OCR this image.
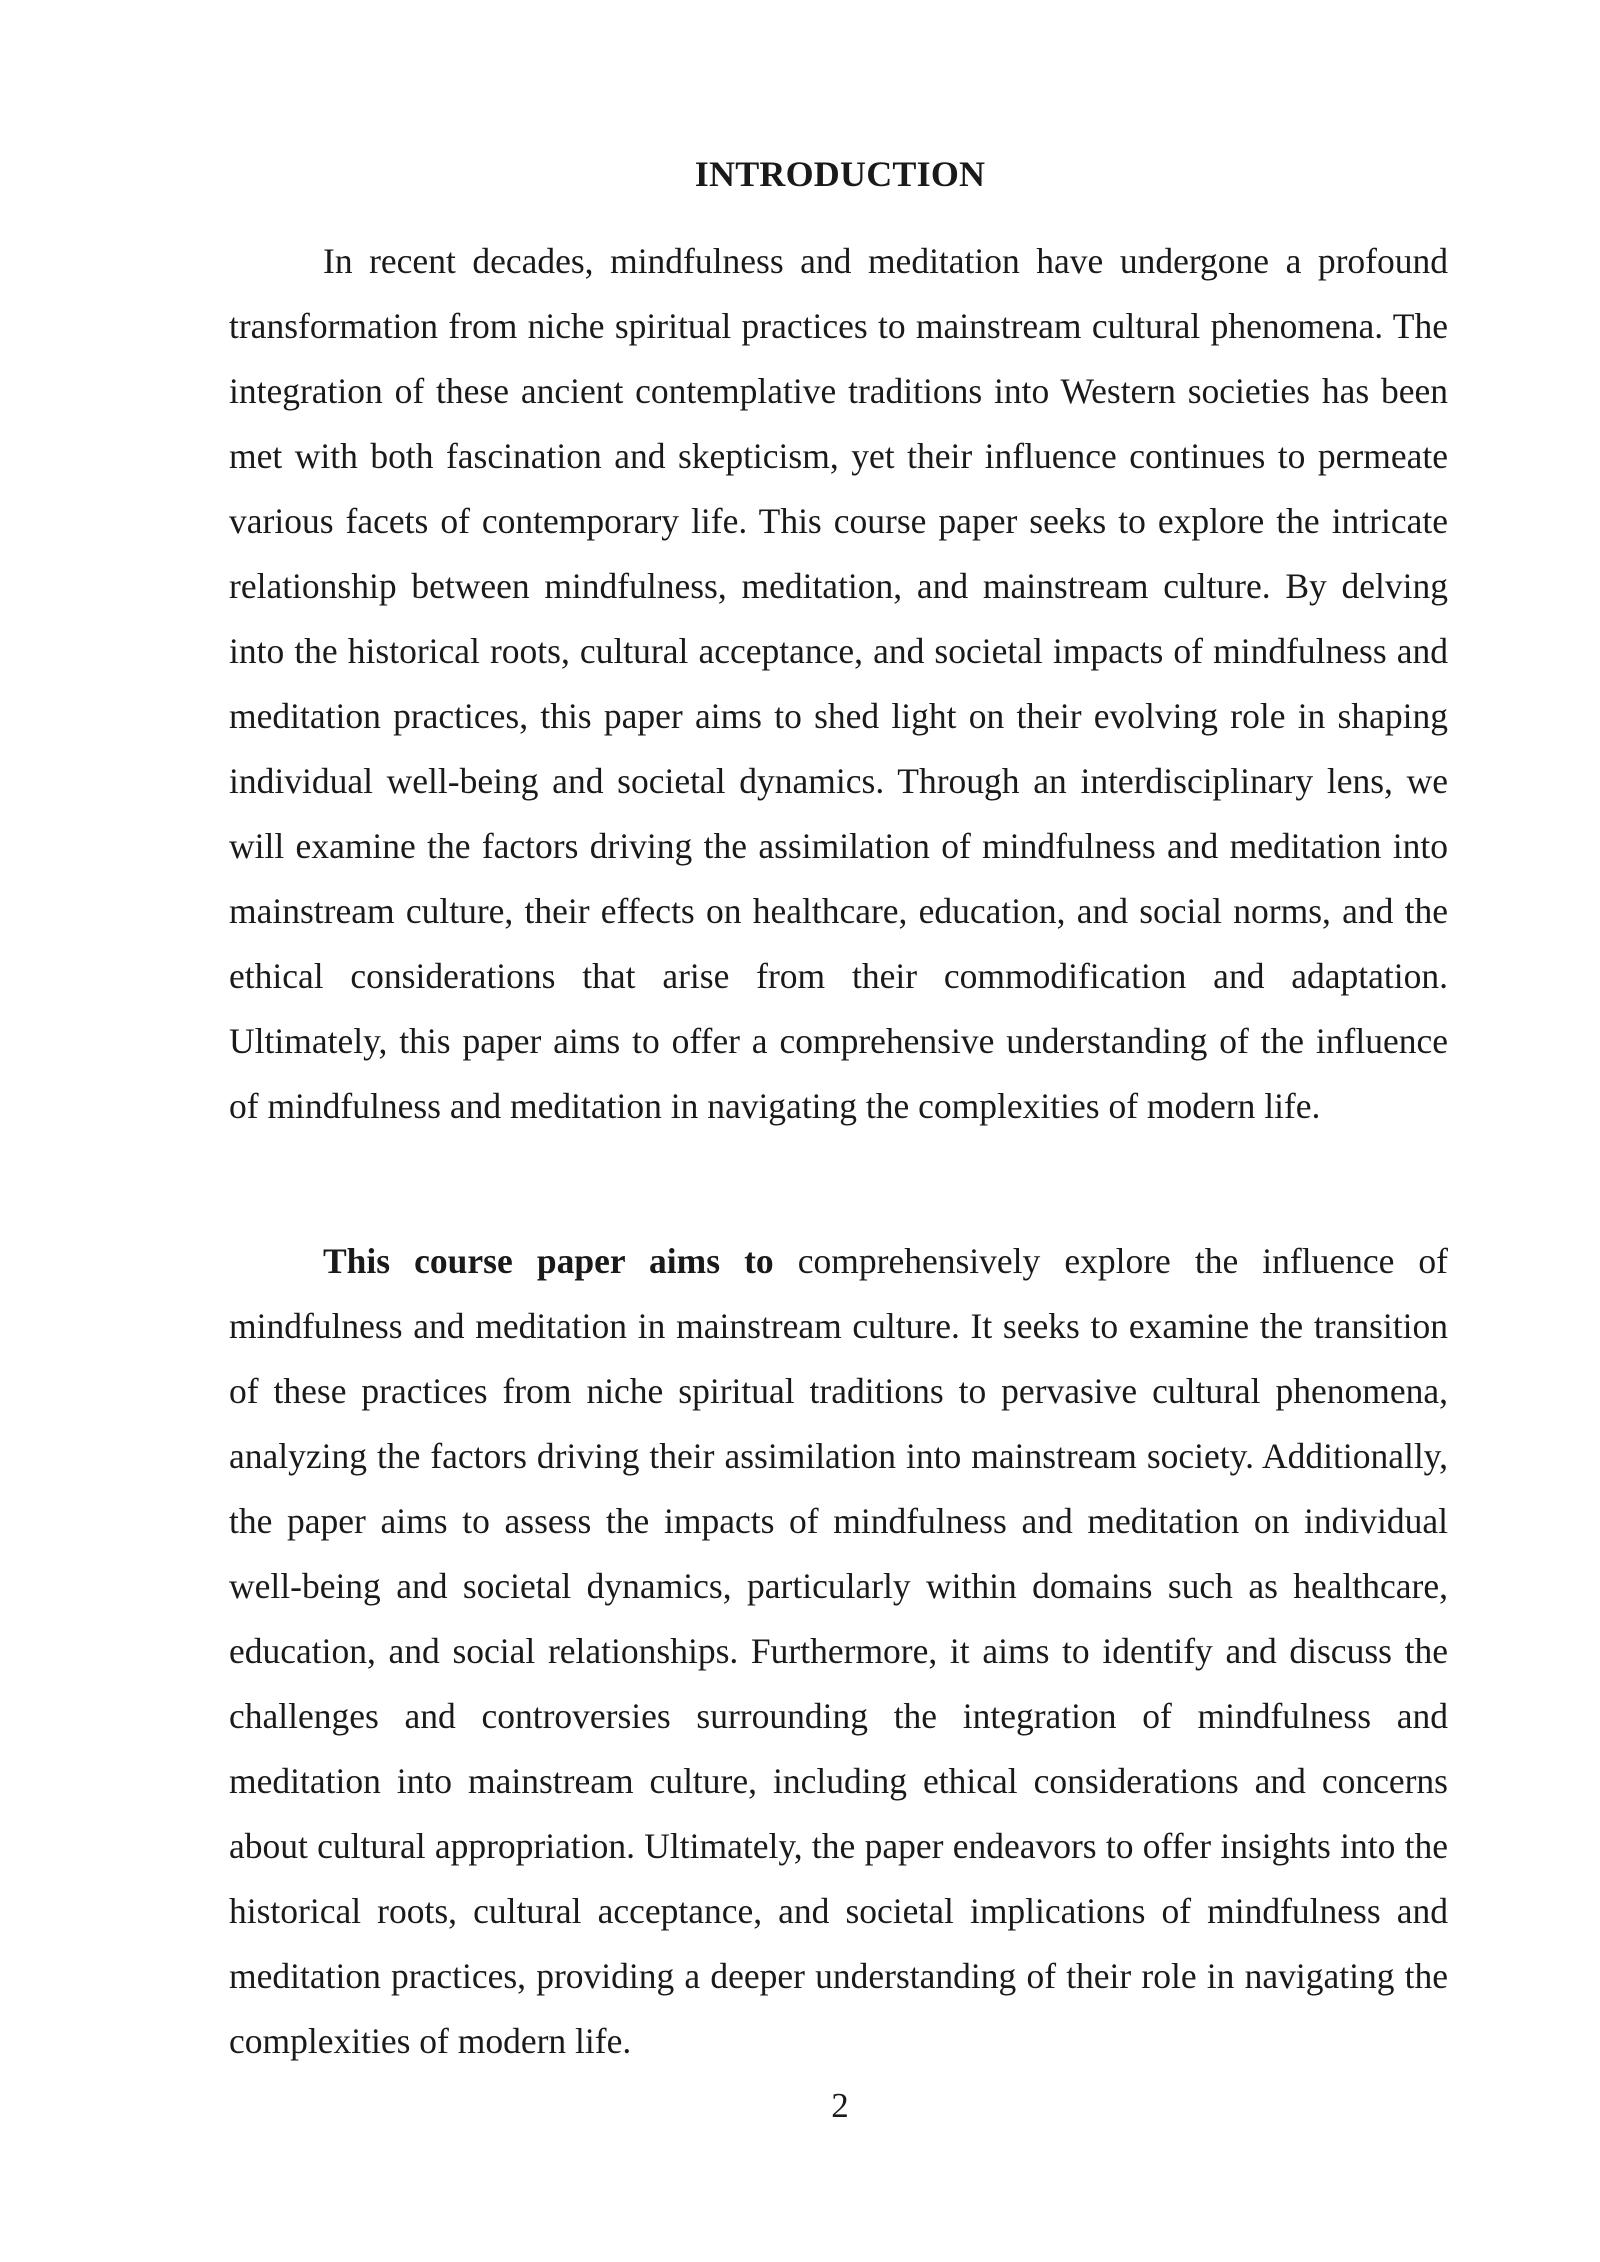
INTRODUCTION

In recent decades, mindfulness and meditation have undergone a profound transformation from niche spiritual practices to mainstream cultural phenomena. The integration of these ancient contemplative traditions into Western societies has been met with both fascination and skepticism, yet their influence continues to permeate various facets of contemporary life. This course paper seeks to explore the intricate relationship between mindfulness, meditation, and mainstream culture. By delving into the historical roots, cultural acceptance, and societal impacts of mindfulness and meditation practices, this paper aims to shed light on their evolving role in shaping individual well-being and societal dynamics. Through an interdisciplinary lens, we will examine the factors driving the assimilation of mindfulness and meditation into mainstream culture, their effects on healthcare, education, and social norms, and the ethical considerations that arise from their commodification and adaptation. Ultimately, this paper aims to offer a comprehensive understanding of the influence of mindfulness and meditation in navigating the complexities of modern life.

This course paper aims to comprehensively explore the influence of mindfulness and meditation in mainstream culture. It seeks to examine the transition of these practices from niche spiritual traditions to pervasive cultural phenomena, analyzing the factors driving their assimilation into mainstream society. Additionally, the paper aims to assess the impacts of mindfulness and meditation on individual well-being and societal dynamics, particularly within domains such as healthcare, education, and social relationships. Furthermore, it aims to identify and discuss the challenges and controversies surrounding the integration of mindfulness and meditation into mainstream culture, including ethical considerations and concerns about cultural appropriation. Ultimately, the paper endeavors to offer insights into the historical roots, cultural acceptance, and societal implications of mindfulness and meditation practices, providing a deeper understanding of their role in navigating the complexities of modern life.

2
